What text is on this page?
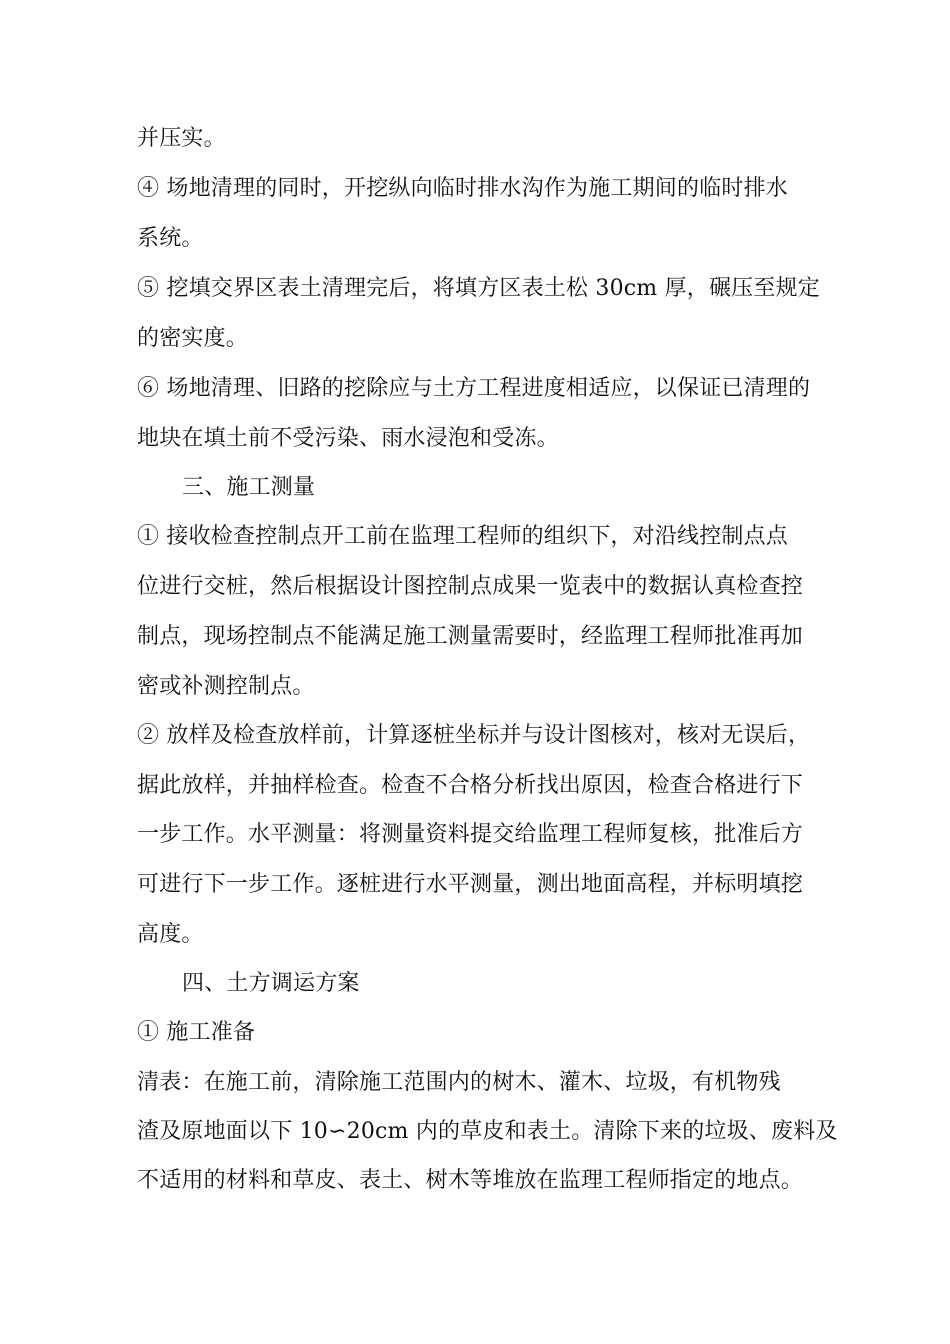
并压实。
④ 场地清理的同时，开挖纵向临时排水沟作为施工期间的临时排水
系统。
⑤ 挖填交界区表土清理完后，将填方区表土松 30cm 厚，碾压至规定
的密实度。
⑥ 场地清理、旧路的挖除应与土方工程进度相适应，以保证已清理的
地块在填土前不受污染、雨水浸泡和受冻。
三、施工测量
① 接收检查控制点开工前在监理工程师的组织下，对沿线控制点点
位进行交桩，然后根据设计图控制点成果一览表中的数据认真检查控
制点，现场控制点不能满足施工测量需要时，经监理工程师批准再加
密或补测控制点。
② 放样及检查放样前，计算逐桩坐标并与设计图核对，核对无误后，
据此放样，并抽样检查。检查不合格分析找出原因，检查合格进行下
一步工作。水平测量：将测量资料提交给监理工程师复核，批准后方
可进行下一步工作。逐桩进行水平测量，测出地面高程，并标明填挖
高度。
四、土方调运方案
① 施工准备
清表：在施工前，清除施工范围内的树木、灌木、垃圾，有机物残
渣及原地面以下 10∽20cm 内的草皮和表土。清除下来的垃圾、废料及
不适用的材料和草皮、表土、树木等堆放在监理工程师指定的地点。
